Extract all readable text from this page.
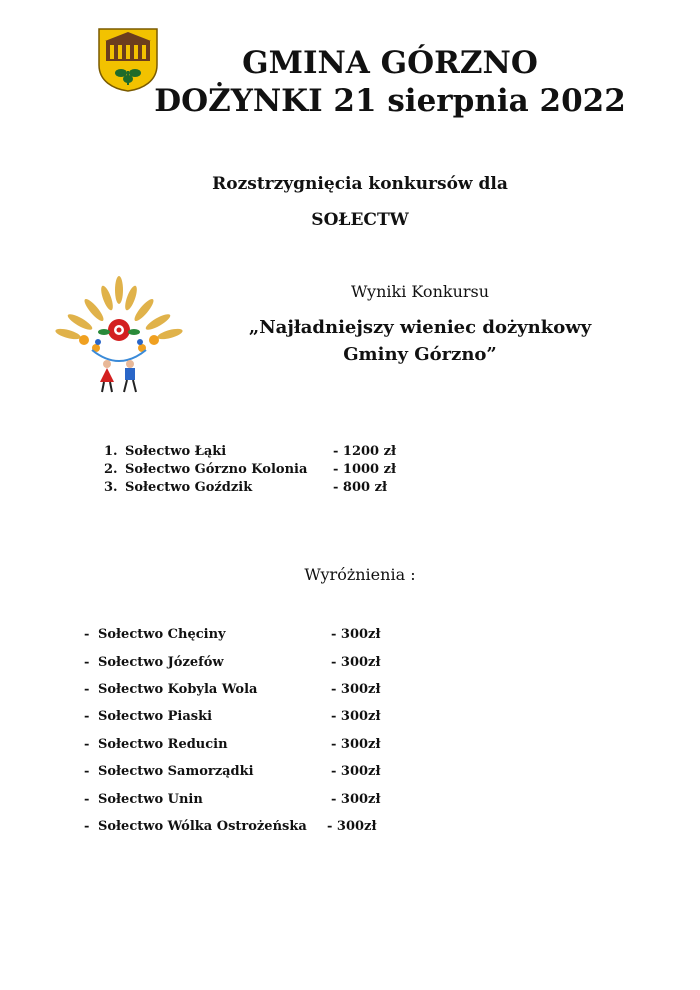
GMINA GÓRZNO
DOŻYNKI 21 sierpnia 2022
Rozstrzygnięcia konkursów dla
SOŁECTW
Wyniki Konkursu
„Najładniejszy wieniec dożynkowy
Gminy Górzno”
1. Sołectwo Łąki	- 1200 zł
2. Sołectwo Górzno Kolonia - 1000 zł
3. Sołectwo Goździk	- 800 zł
Wyróżnienia :
- Sołectwo Chęciny	- 300zł
- Sołectwo Józefów	- 300zł
- Sołectwo Kobyla Wola	- 300zł
- Sołectwo Piaski	- 300zł
- Sołectwo Reducin	- 300zł
- Sołectwo Samorządki	- 300zł
- Sołectwo Unin	- 300zł
- Sołectwo Wólka Ostrożeńska - 300zł
